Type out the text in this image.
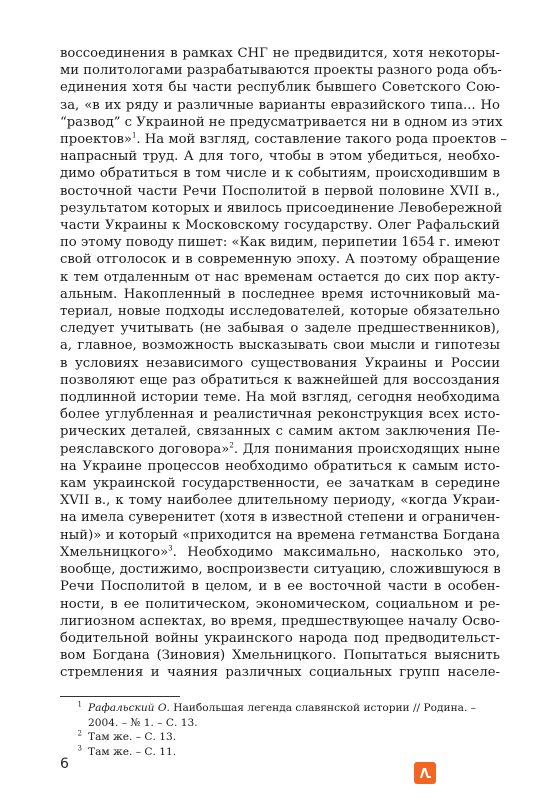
воссоединения в рамках СНГ не предвидится, хотя некоторы-
ми политологами разрабатываются проекты разного рода объ-
единения хотя бы части республик бывшего Советского Сою-
за, «в их ряду и различные варианты евразийского типа... Но
“развод” с Украиной не предусматривается ни в одном из этих
проектов»$^1$. На мой взгляд, составление такого рода проектов –
напрасный труд. А для того, чтобы в этом убедиться, необхо-
димо обратиться в том числе и к событиям, происходившим в
восточной части Речи Посполитой в первой половине XVII в.,
результатом которых и явилось присоединение Левобережной
части Украины к Московскому государству. Олег Рафальский
по этому поводу пишет: «Как видим, перипетии 1654 г. имеют
свой отголосок и в современную эпоху. А поэтому обращение
к тем отдаленным от нас временам остается до сих пор акту-
альным. Накопленный в последнее время источниковый ма-
териал, новые подходы исследователей, которые обязательно
следует учитывать (не забывая о заделе предшественников),
а, главное, возможность высказывать свои мысли и гипотезы
в условиях независимого существования Украины и России
позволяют еще раз обратиться к важнейшей для воссоздания
подлинной истории теме. На мой взгляд, сегодня необходима
более углубленная и реалистичная реконструкция всех исто-
рических деталей, связанных с самим актом заключения Пе-
реяславского договора»$^2$. Для понимания происходящих ныне
на Украине процессов необходимо обратиться к самым исто-
кам украинской государственности, ее зачаткам в середине
XVII в., к тому наиболее длительному периоду, «когда Украи-
на имела суверенитет (хотя в известной степени и ограничен-
ный)» и который «приходится на времена гетманства Богдана
Хмельницкого»$^3$. Необходимо максимально, насколько это,
вообще, достижимо, воспроизвести ситуацию, сложившуюся в
Речи Посполитой в целом, и в ее восточной части в особен-
ности, в ее политическом, экономическом, социальном и ре-
лигиозном аспектах, во время, предшествующее началу Осво-
бодительной войны украинского народа под предводительст-
вом Богдана (Зиновия) Хмельницкого. Попытаться выяснить
стремления и чаяния различных социальных групп населе-
$^1$ Рафальский О. Наибольшая легенда славянской истории // Родина. –
2004. – № 1. – С. 13.
$^2$ Там же. – С. 13.
$^3$ Там же. – С. 11.
6
